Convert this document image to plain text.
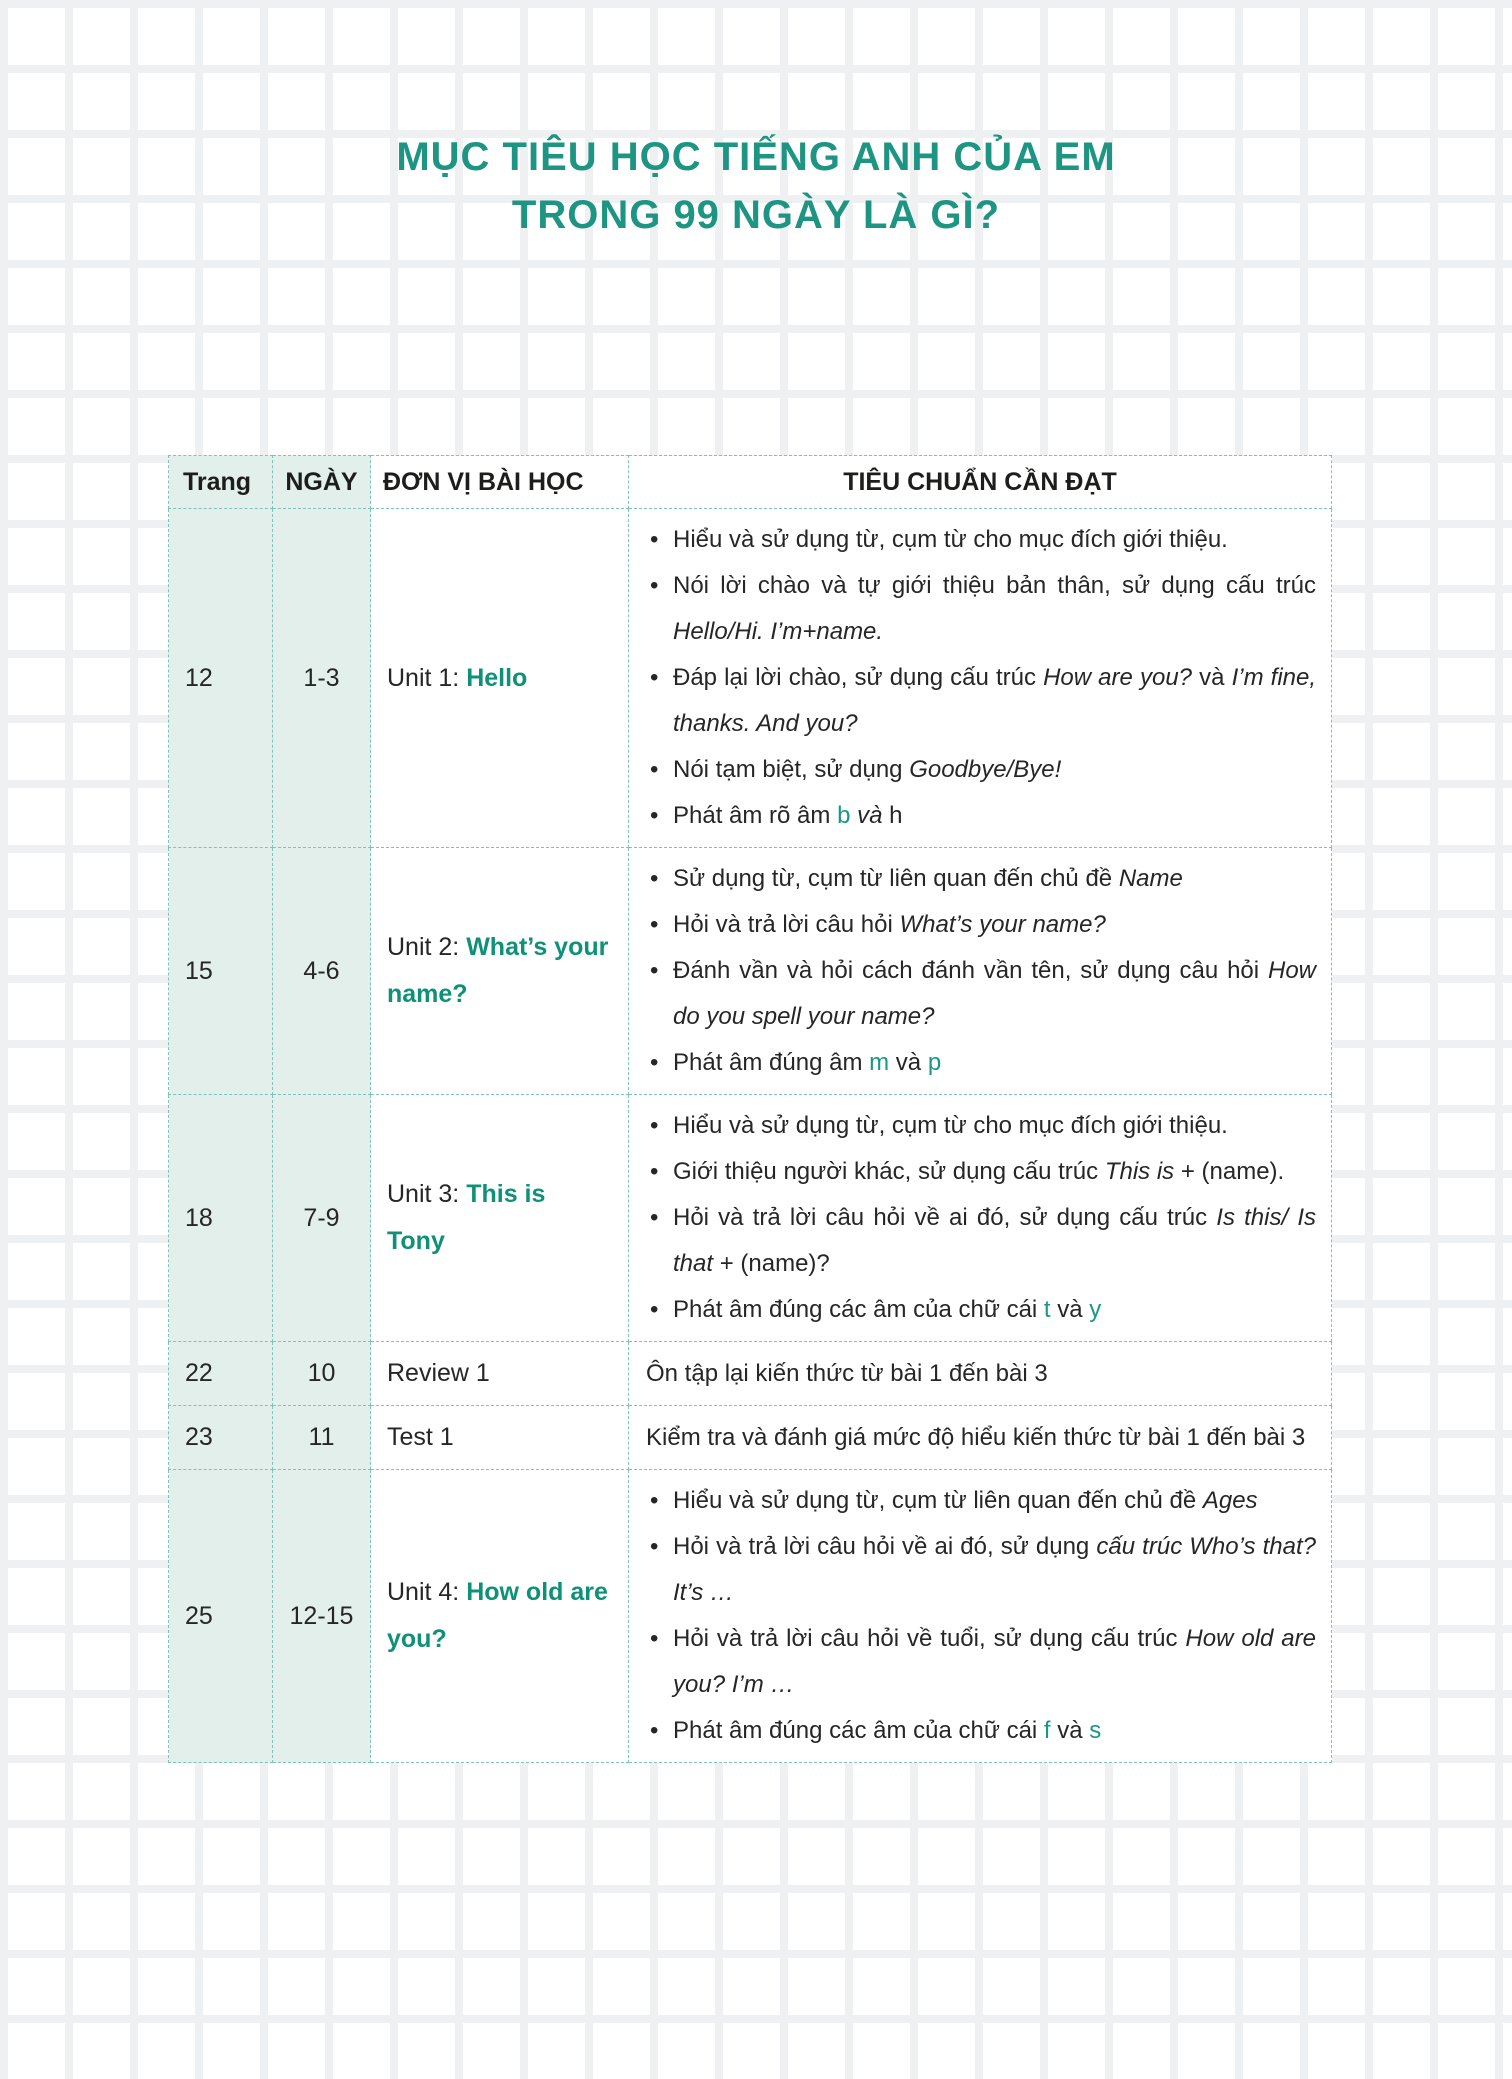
MỤC TIÊU HỌC TIẾNG ANH CỦA EM
TRONG 99 NGÀY LÀ GÌ?
Trang	NGÀY	ĐƠN VỊ BÀI HỌC	TIÊU CHUẨN CẦN ĐẠT
12	1-3	Unit 1: Hello	• Hiểu và sử dụng từ, cụm từ cho mục đích giới thiệu.
• Nói lời chào và tự giới thiệu bản thân, sử dụng cấu trúc Hello/Hi. I’m+name.
• Đáp lại lời chào, sử dụng cấu trúc How are you? và I’m fine, thanks. And you?
• Nói tạm biệt, sử dụng Goodbye/Bye!
• Phát âm rõ âm b và h

15	4-6	Unit 2: What’s your name?	• Sử dụng từ, cụm từ liên quan đến chủ đề Name
• Hỏi và trả lời câu hỏi What’s your name?
• Đánh vần và hỏi cách đánh vần tên, sử dụng câu hỏi How do you spell your name?
• Phát âm đúng âm m và p

18	7-9	Unit 3: This is Tony	• Hiểu và sử dụng từ, cụm từ cho mục đích giới thiệu.
• Giới thiệu người khác, sử dụng cấu trúc This is + (name).
• Hỏi và trả lời câu hỏi về ai đó, sử dụng cấu trúc Is this/ Is that + (name)?
• Phát âm đúng các âm của chữ cái t và y

22	10	Review 1	Ôn tập lại kiến thức từ bài 1 đến bài 3

23	11	Test 1	Kiểm tra và đánh giá mức độ hiểu kiến thức từ bài 1 đến bài 3

25	12-15	Unit 4: How old are you?	• Hiểu và sử dụng từ, cụm từ liên quan đến chủ đề Ages
• Hỏi và trả lời câu hỏi về ai đó, sử dụng cấu trúc Who’s that? It’s …
• Hỏi và trả lời câu hỏi về tuổi, sử dụng cấu trúc How old are you? I’m …
• Phát âm đúng các âm của chữ cái f và s
